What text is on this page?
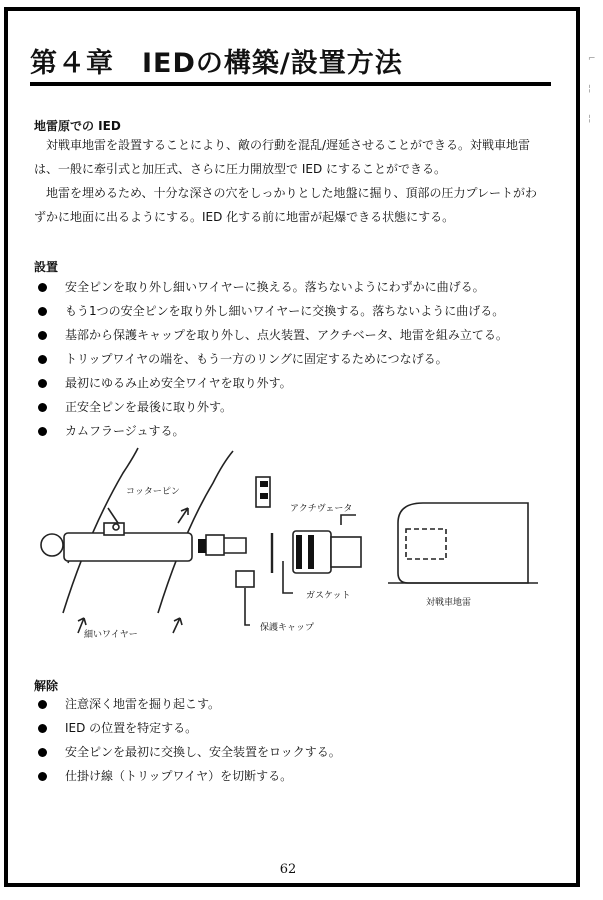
⌐
¦
¦
第４章　IEDの構築/設置方法
地雷原での IED

対戦車地雷を設置することにより、敵の行動を混乱/遅延させることができる。対戦車地雷は、一般に牽引式と加圧式、さらに圧力開放型で IED にすることができる。

地雷を埋めるため、十分な深さの穴をしっかりとした地盤に掘り、頂部の圧力プレートがわずかに地面に出るようにする。IED 化する前に地雷が起爆できる状態にする。

設置
安全ピンを取り外し細いワイヤーに換える。落ちないようにわずかに曲げる。
もう1つの安全ピンを取り外し細いワイヤーに交換する。落ちないように曲げる。
基部から保護キャップを取り外し、点火装置、アクチベータ、地雷を組み立てる。
トリップワイヤの端を、もう一方のリングに固定するためにつなげる。
最初にゆるみ止め安全ワイヤを取り外す。
正安全ピンを最後に取り外す。
カムフラージュする。
コッターピン
アクチヴェータ
ガスケット
対戦車地雷
細いワイヤー
保護キャップ
解除
注意深く地雷を掘り起こす。
IED の位置を特定する。
安全ピンを最初に交換し、安全装置をロックする。
仕掛け線（トリップワイヤ）を切断する。
62
